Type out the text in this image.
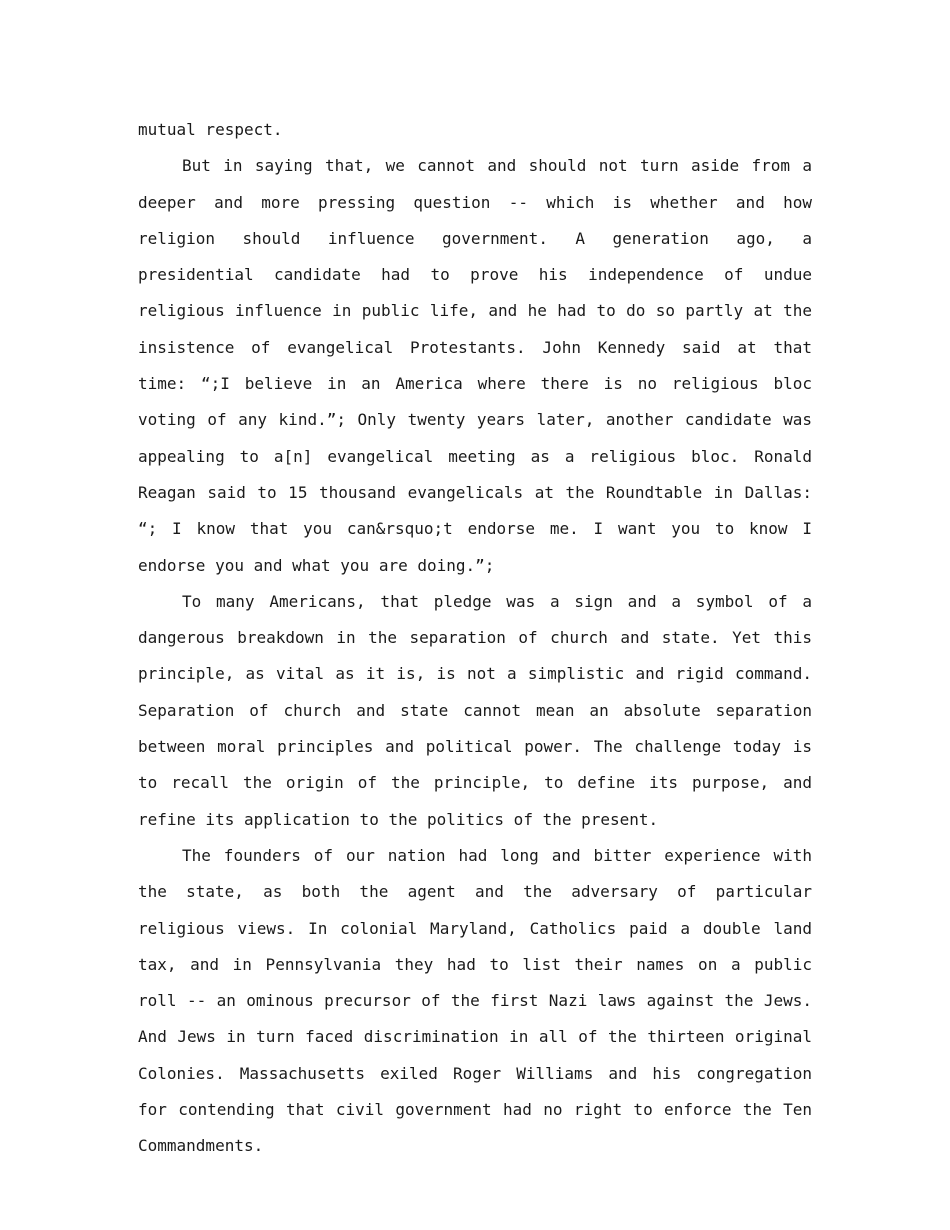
mutual respect.

But in saying that, we cannot and should not turn aside from a deeper and more pressing question -- which is whether and how religion should influence government. A generation ago, a presidential candidate had to prove his independence of undue religious influence in public life, and he had to do so partly at the insistence of evangelical Protestants. John Kennedy said at that time: “;I believe in an America where there is no religious bloc voting of any kind.”; Only twenty years later, another candidate was appealing to a[n] evangelical meeting as a religious bloc. Ronald Reagan said to 15 thousand evangelicals at the Roundtable in Dallas: “; I know that you can&rsquo;t endorse me. I want you to know I endorse you and what you are doing.”;

To many Americans, that pledge was a sign and a symbol of a dangerous breakdown in the separation of church and state. Yet this principle, as vital as it is, is not a simplistic and rigid command. Separation of church and state cannot mean an absolute separation between moral principles and political power. The challenge today is to recall the origin of the principle, to define its purpose, and refine its application to the politics of the present.

The founders of our nation had long and bitter experience with the state, as both the agent and the adversary of particular religious views. In colonial Maryland, Catholics paid a double land tax, and in Pennsylvania they had to list their names on a public roll -- an ominous precursor of the first Nazi laws against the Jews. And Jews in turn faced discrimination in all of the thirteen original Colonies. Massachusetts exiled Roger Williams and his congregation for contending that civil government had no right to enforce the Ten Commandments.
